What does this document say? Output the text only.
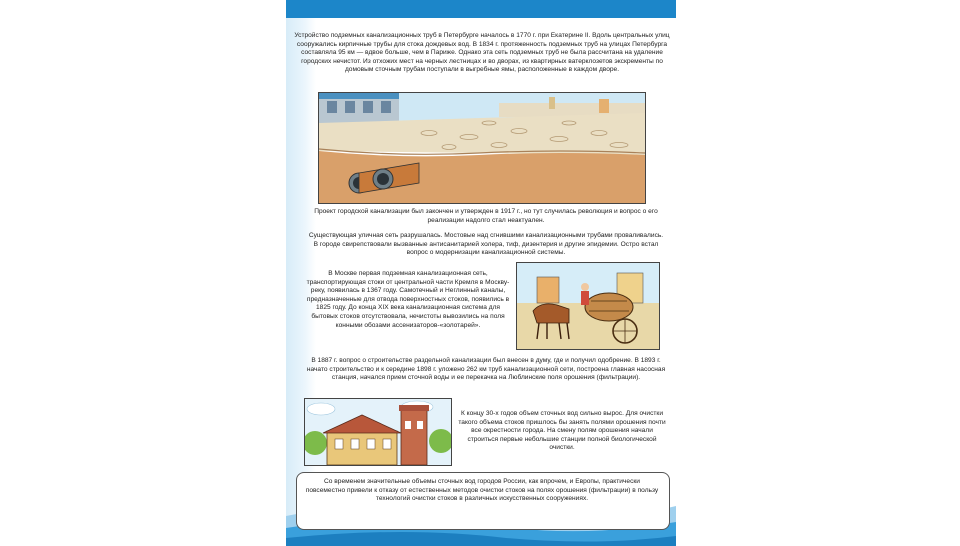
Устройство подземных канализационных труб в Петербурге началось в 1770 г. при Екатерине II. Вдоль центральных улиц сооружались кирпичные трубы для стока дождевых вод. В 1834 г. протяженность подземных труб на улицах Петербурга составляла 95 км — вдвое больше, чем в Париже. Однако эта сеть подземных труб не была рассчитана на удаление городских нечистот. Из отхожих мест на черных лестницах и во дворах, из квартирных ватерклозетов экскременты по домовым сточным трубам поступали в выгребные ямы, расположенные в каждом дворе.

Проект городской канализации был закончен и утвержден в 1917 г., но тут случилась революция и вопрос о его реализации надолго стал неактуален.

Существующая уличная сеть разрушалась. Мостовые над сгнившими канализационными трубами проваливались. В городе свирепствовали вызванные антисанитарией холера, тиф, дизентерия и другие эпидемии. Остро встал вопрос о модернизации канализационной системы.

В Москве первая подземная канализационная сеть, транспортирующая стоки от центральной части Кремля в Москву-реку, появилась в 1367 году. Самотечный и Неглинный каналы, предназначенные для отвода поверхностных стоков, появились в 1825 году. До конца XIX века канализационная система для бытовых стоков отсутствовала, нечистоты вывозились на поля конными обозами ассенизаторов-«золотарей».

В 1887 г. вопрос о строительстве раздельной канализации был внесен в думу, где и получил одобрение. В 1893 г. начато строительство и к середине 1898 г. уложено 262 км труб канализационной сети, построена главная насосная станция, начался прием сточной воды и ее перекачка на Люблинские поля орошения (фильтрации).

К концу 30-х годов объем сточных вод сильно вырос. Для очистки такого объема стоков пришлось бы занять полями орошения почти все окрестности города. На смену полям орошения начали строиться первые небольшие станции полной биологической очистки.

Со временем значительные объемы сточных вод городов России, как впрочем, и Европы, практически повсеместно привели к отказу от естественных методов очистки стоков на полях орошения (фильтрации) в пользу технологий очистки стоков в различных искусственных сооружениях.
